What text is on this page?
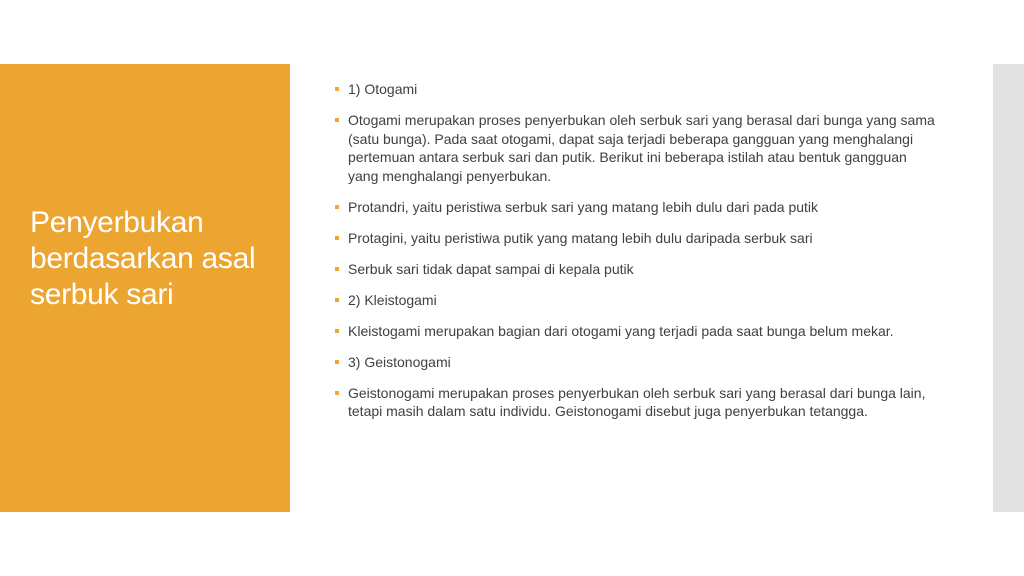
Penyerbukan berdasarkan asal serbuk sari
1) Otogami
Otogami merupakan proses penyerbukan oleh serbuk sari yang berasal dari bunga yang sama (satu bunga). Pada saat otogami, dapat saja terjadi beberapa gangguan yang menghalangi pertemuan antara serbuk sari dan putik. Berikut ini beberapa istilah atau bentuk gangguan yang menghalangi penyerbukan.
Protandri, yaitu peristiwa serbuk sari yang matang lebih dulu dari pada putik
Protagini, yaitu peristiwa putik yang matang lebih dulu daripada serbuk sari
Serbuk sari tidak dapat sampai di kepala putik
2) Kleistogami
Kleistogami merupakan bagian dari otogami yang terjadi pada saat bunga belum mekar.
3) Geistonogami
Geistonogami merupakan proses penyerbukan oleh serbuk sari yang berasal dari bunga lain, tetapi masih dalam satu individu. Geistonogami disebut juga penyerbukan tetangga.
